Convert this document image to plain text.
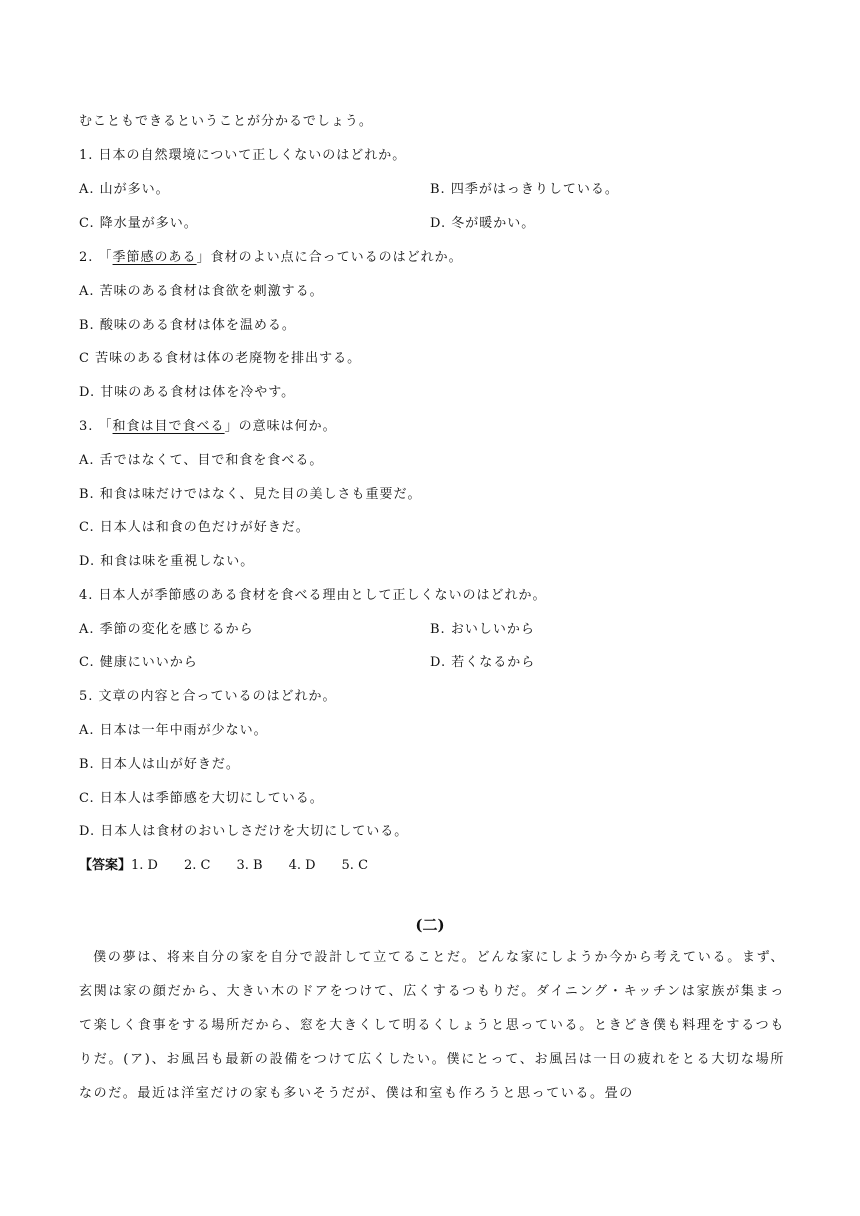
むこともできるということが分かるでしょう。
1. 日本の自然環境について正しくないのはどれか。
A. 山が多い。	B. 四季がはっきりしている。
C. 降水量が多い。	D. 冬が暖かい。
2. 「季節感のある」食材のよい点に合っているのはどれか。
A. 苦味のある食材は食欲を刺激する。
B. 酸味のある食材は体を温める。
C 苦味のある食材は体の老廃物を排出する。
D. 甘味のある食材は体を冷やす。
3. 「和食は目で食べる」の意味は何か。
A. 舌ではなくて、目で和食を食べる。
B. 和食は味だけではなく、見た目の美しさも重要だ。
C. 日本人は和食の色だけが好きだ。
D. 和食は味を重視しない。
4. 日本人が季節感のある食材を食べる理由として正しくないのはどれか。
A. 季節の変化を感じるから	B. おいしいから
C. 健康にいいから	D. 若くなるから
5. 文章の内容と合っているのはどれか。
A. 日本は一年中雨が少ない。
B. 日本人は山が好きだ。
C. 日本人は季節感を大切にしている。
D. 日本人は食材のおいしさだけを大切にしている。
【答案】1. D 2. C 3. B 4. D 5. C
(二)
僕の夢は、将来自分の家を自分で設計して立てることだ。どんな家にしようか今から考えている。まず、玄関は家の顔だから、大きい木のドアをつけて、広くするつもりだ。ダイニング・キッチンは家族が集まって楽しく食事をする場所だから、窓を大きくして明るくしょうと思っている。ときどき僕も料理をするつもりだ。(ア)、お風呂も最新の設備をつけて広くしたい。僕にとって、お風呂は一日の疲れをとる大切な場所なのだ。最近は洋室だけの家も多いそうだが、僕は和室も作ろうと思っている。畳の
